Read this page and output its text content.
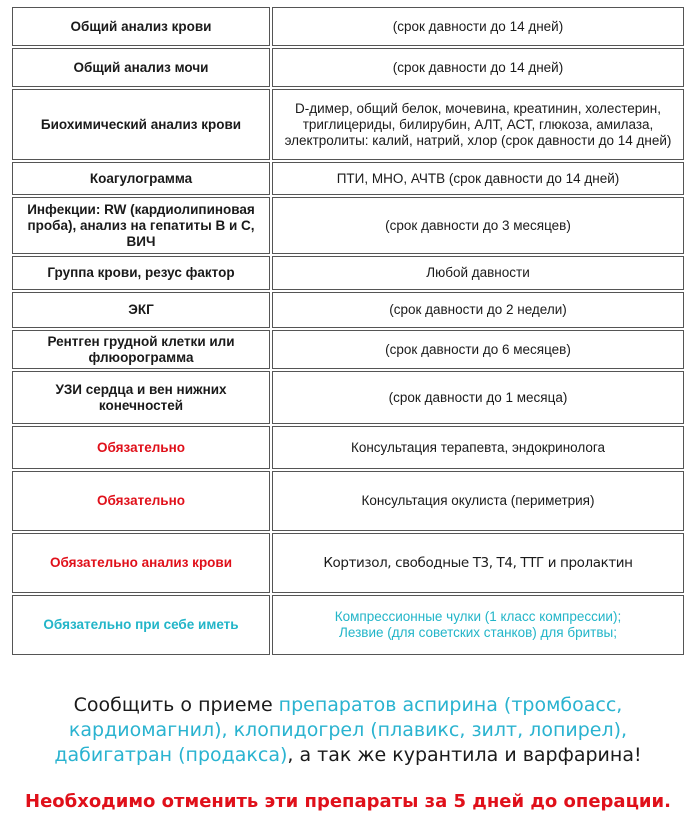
Общий анализ крови	(срок давности до 14 дней)
Общий анализ мочи	(срок давности до 14 дней)
Биохимический анализ крови	D-димер, общий белок, мочевина, креатинин, холестерин, триглицериды, билирубин, АЛТ, АСТ, глюкоза, амилаза, электролиты: калий, натрий, хлор (срок давности до 14 дней)
Коагулограмма	ПТИ, МНО, АЧТВ (срок давности до 14 дней)
Инфекции: RW (кардиолипиновая проба), анализ на гепатиты В и С, ВИЧ	(срок давности до 3 месяцев)
Группа крови, резус фактор	Любой давности
ЭКГ	(срок давности до 2 недели)
Рентген грудной клетки или флюорограмма	(срок давности до 6 месяцев)
УЗИ сердца и вен нижних конечностей	(срок давности до 1 месяца)
Обязательно	Консультация терапевта, эндокринолога
Обязательно	Консультация окулиста (периметрия)
Обязательно анализ крови	Кортизол, свободные Т3, Т4, ТТГ и пролактин
Обязательно при себе иметь	Компрессионные чулки (1 класс компрессии);
Лезвие (для советских станков) для бритвы;
Сообщить о приеме препаратов аспирина (тромбоасс, кардиомагнил), клопидогрел (плавикс, зилт, лопирел), дабигатран (продакса), а так же курантила и варфарина!
Необходимо отменить эти препараты за 5 дней до операции.
